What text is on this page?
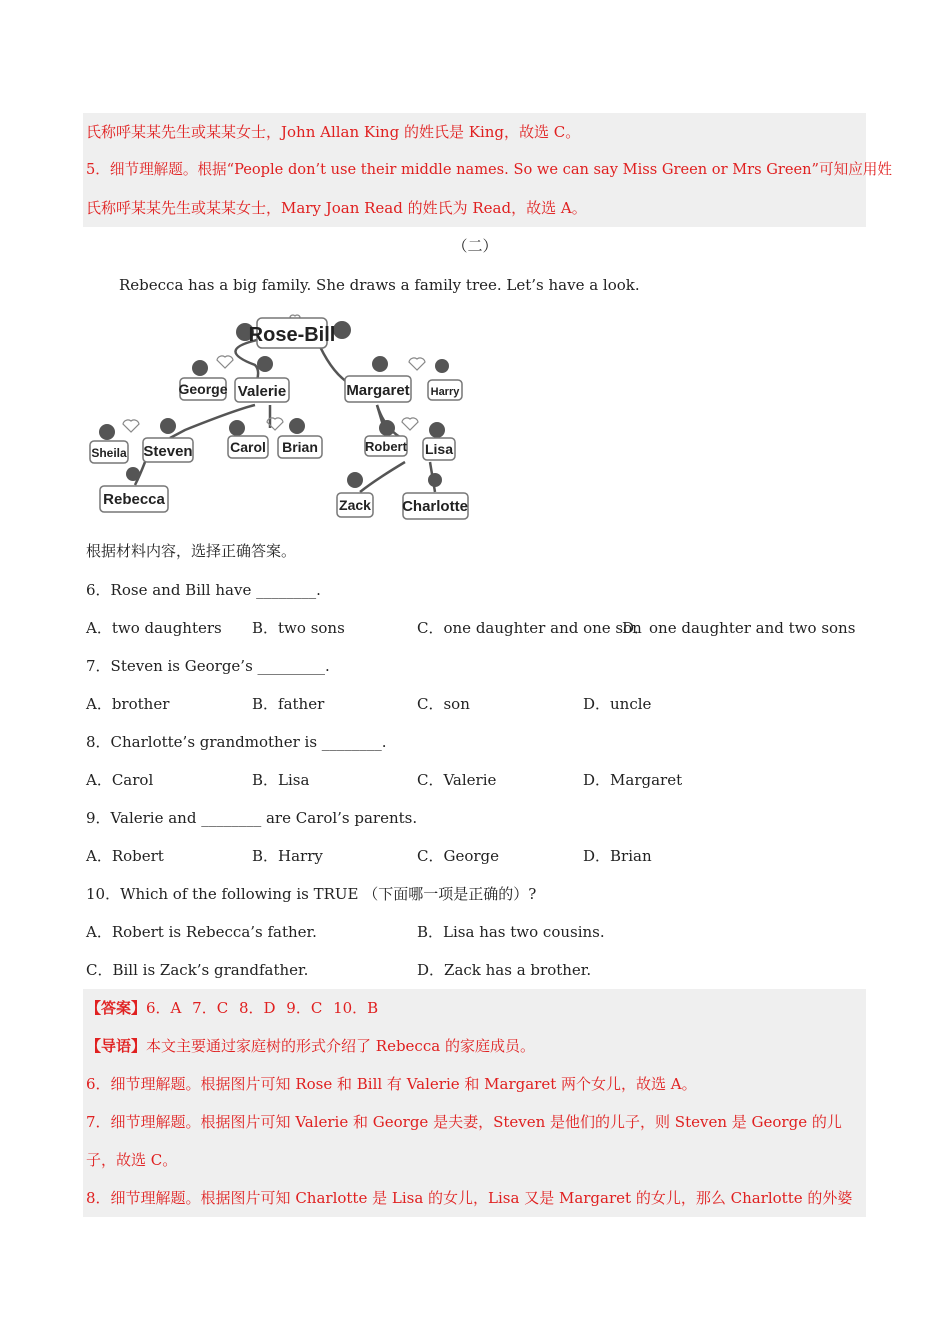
氏称呼某某先生或某某女士，John Allan King 的姓氏是 King，故选 C。
5．细节理解题。根据“People don’t use their middle names. So we can say Miss Green or Mrs Green”可知应用姓
氏称呼某某先生或某某女士，Mary Joan Read 的姓氏为 Read，故选 A。
（二）
Rebecca has a big family. She draws a family tree. Let’s have a look.
Rose-Bill
George Valerie	Margaret Harry
Sheila Steven	Carol Brian	Robert Lisa
Rebecca	Zack Charlotte
根据材料内容，选择正确答案。
6．Rose and Bill have ________.
A．two daughters B．two sons	C．one daughter and one son
D．one daughter and two sons
7．Steven is George’s _________.
A．brother	B．father	C．son	D．uncle
8．Charlotte’s grandmother is ________.
A．Carol	B．Lisa	C．Valerie	D．Margaret
9．Valerie and ________ are Carol’s parents.
A．Robert	B．Harry	C．George	D．Brian
10．Which of the following is TRUE （下面哪一项是正确的）?
A．Robert is Rebecca’s father.	B．Lisa has two cousins.
C．Bill is Zack’s grandfather.	D．Zack has a brother.
【答案】6．A 7．C 8．D 9．C 10．B
【导语】本文主要通过家庭树的形式介绍了 Rebecca 的家庭成员。
6．细节理解题。根据图片可知 Rose 和 Bill 有 Valerie 和 Margaret 两个女儿，故选 A。
7．细节理解题。根据图片可知 Valerie 和 George 是夫妻，Steven 是他们的儿子，则 Steven 是 George 的儿
子，故选 C。
8．细节理解题。根据图片可知 Charlotte 是 Lisa 的女儿，Lisa 又是 Margaret 的女儿，那么 Charlotte 的外婆
